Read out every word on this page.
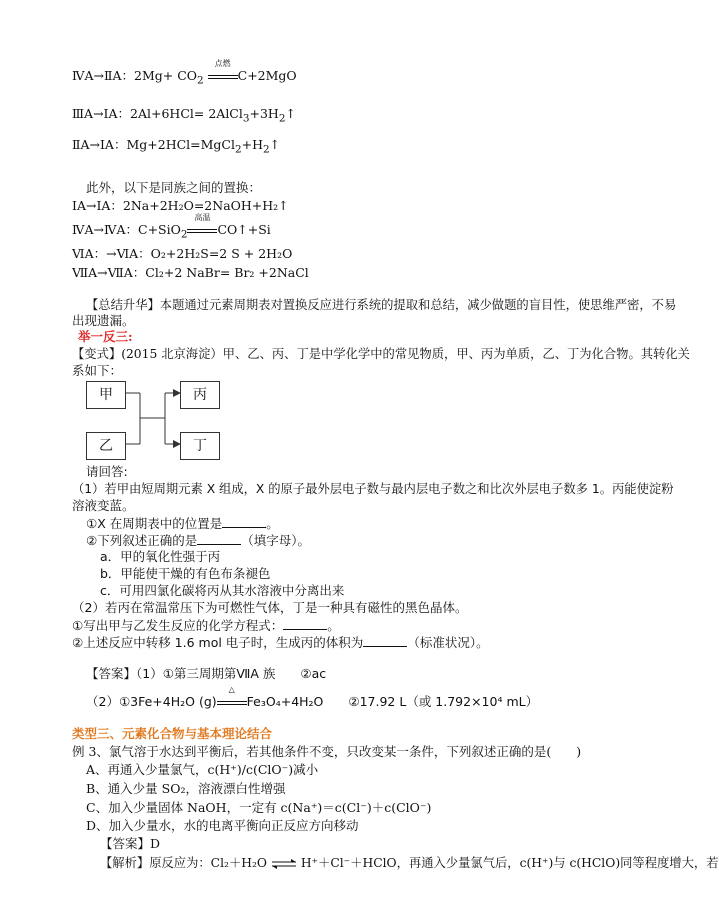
ⅣA→ⅡA：$2Mg+ CO_2$
点燃
C+2MgO
ⅢA→ⅠA：$2Al+6HCl= 2AlCl_3+3H_2↑$
ⅡA→ⅠA：$Mg+2HCl=MgCl_2+H_2↑$
此外，以下是同族之间的置换：
ⅠA→ⅠA：2Na+2H₂O=2NaOH+H₂↑
ⅣA→ⅣA：C+SiO$_2$
高温
CO↑+Si
ⅥA：→ⅥA：O₂+2H₂S=2 S + 2H₂O
ⅦA→ⅦA：Cl₂+2 NaBr= Br₂ +2NaCl
【总结升华】本题通过元素周期表对置换反应进行系统的提取和总结，减少做题的盲目性，使思维严密，不易
出现遗漏。
举一反三:
【变式】(2015 北京海淀）甲、乙、丙、丁是中学化学中的常见物质，甲、丙为单质，乙、丁为化合物。其转化关
系如下：
甲
乙
丙
丁
请回答:
（1）若甲由短周期元素 X 组成，X 的原子最外层电子数与最内层电子数之和比次外层电子数多 1。丙能使淀粉
溶液变蓝。
①X 在周期表中的位置是	。
②下列叙述正确的是	（填字母）。
a．甲的氧化性强于丙
b．甲能使干燥的有色布条褪色
c．可用四氯化碳将丙从其水溶液中分离出来
（2）若丙在常温常压下为可燃性气体，丁是一种具有磁性的黑色晶体。
①写出甲与乙发生反应的化学方程式：	。
②上述反应中转移 1.6 mol 电子时，生成丙的体积为	（标准状况）。
【答案】（1）①第三周期第ⅦA 族　　②ac
（2）①3Fe+4H₂O (g)
△
Fe₃O₄+4H₂O　　②17.92 L（或 1.792×10⁴ mL）
类型三、元素化合物与基本理论结合
例 3、氯气溶于水达到平衡后，若其他条件不变，只改变某一条件，下列叙述正确的是(　　)
A、再通入少量氯气，c(H⁺)/c(ClO⁻)减小
B、通入少量 SO₂，溶液漂白性增强
C、加入少量固体 NaOH，一定有 c(Na⁺)＝c(Cl⁻)＋c(ClO⁻)
D、加入少量水，水的电离平衡向正反应方向移动
【答案】D
【解析】原反应为：Cl₂＋H₂O ⇌ H⁺＋Cl⁻＋HClO，再通入少量氯气后，c(H⁺)与 c(HClO)同等程度增大，若
